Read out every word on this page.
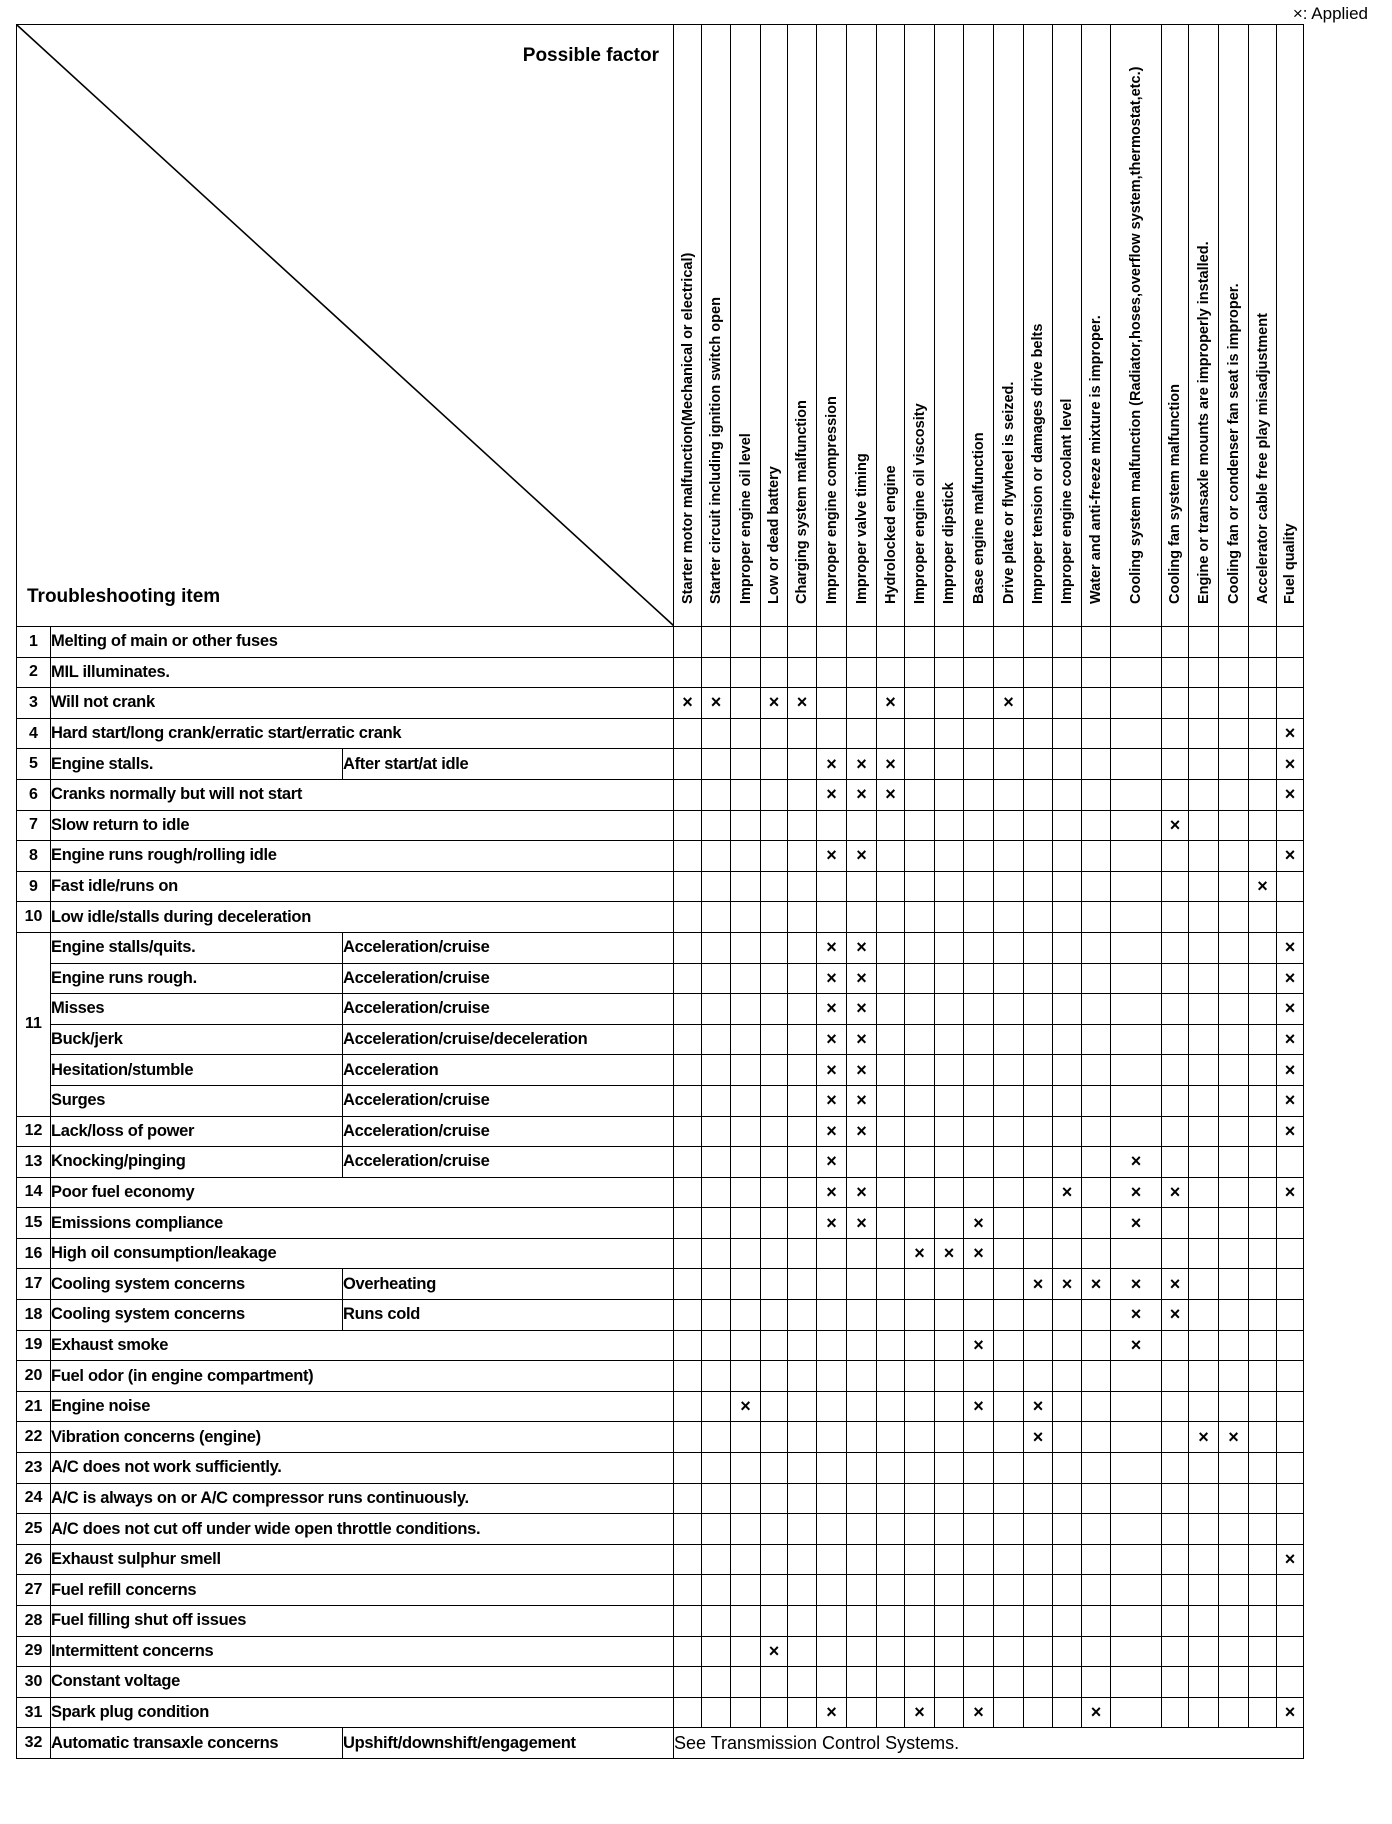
×: Applied
Possible factor
Troubleshooting item			Starter motor malfunction(Mechanical or electrical)	Starter circuit including ignition switch open	Improper engine oil level	Low or dead battery	Charging system malfunction	Improper engine compression	Improper valve timing	Hydrolocked engine	Improper engine oil viscosity	Improper dipstick	Base engine malfunction	Drive plate or flywheel is seized.	Improper tension or damages drive belts	Improper engine coolant level	Water and anti-freeze mixture is improper.	Cooling system malfunction (Radiator,hoses,overflow system,thermostat,etc.)	Cooling fan system malfunction	Engine or transaxle mounts are improperly installed.	Cooling fan or condenser fan seat is improper.	Accelerator cable free play misadjustment	Fuel quality

1	Melting of main or other fuses																						
2	MIL illuminates.																						
3	Will not crank		×	×		×	×			×				×									
4	Hard start/long crank/erratic start/erratic crank																						×
5	Engine stalls.	After start/at idle						×	×	×													×
6	Cranks normally but will not start							×	×	×													×
7	Slow return to idle																		×				
8	Engine runs rough/rolling idle							×	×														×
9	Fast idle/runs on																					×	
10	Low idle/stalls during deceleration																						
11	Engine stalls/quits.	Acceleration/cruise						×	×														×
	Engine runs rough.	Acceleration/cruise						×	×														×
	Misses	Acceleration/cruise						×	×														×
	Buck/jerk	Acceleration/cruise/deceleration						×	×														×
	Hesitation/stumble	Acceleration						×	×														×
	Surges	Acceleration/cruise						×	×														×
12	Lack/loss of power	Acceleration/cruise						×	×														×
13	Knocking/pinging	Acceleration/cruise						×										×					
14	Poor fuel economy							×	×							×		×	×				×
15	Emissions compliance							×	×				×					×					
16	High oil consumption/leakage										×	×	×										
17	Cooling system concerns	Overheating													×	×	×	×	×				
18	Cooling system concerns	Runs cold																×	×				
19	Exhaust smoke												×					×					
20	Fuel odor (in engine compartment)																						
21	Engine noise				×								×		×								
22	Vibration concerns (engine)														×					×	×		
23	A/C does not work sufficiently.																						
24	A/C is always on or A/C compressor runs continuously.																						
25	A/C does not cut off under wide open throttle conditions.																						
26	Exhaust sulphur smell																						×
27	Fuel refill concerns																						
28	Fuel filling shut off issues																						
29	Intermittent concerns					×																	
30	Constant voltage																						
31	Spark plug condition							×			×		×				×						×
32	Automatic transaxle concerns	Upshift/downshift/engagement	See Transmission Control Systems.																				
